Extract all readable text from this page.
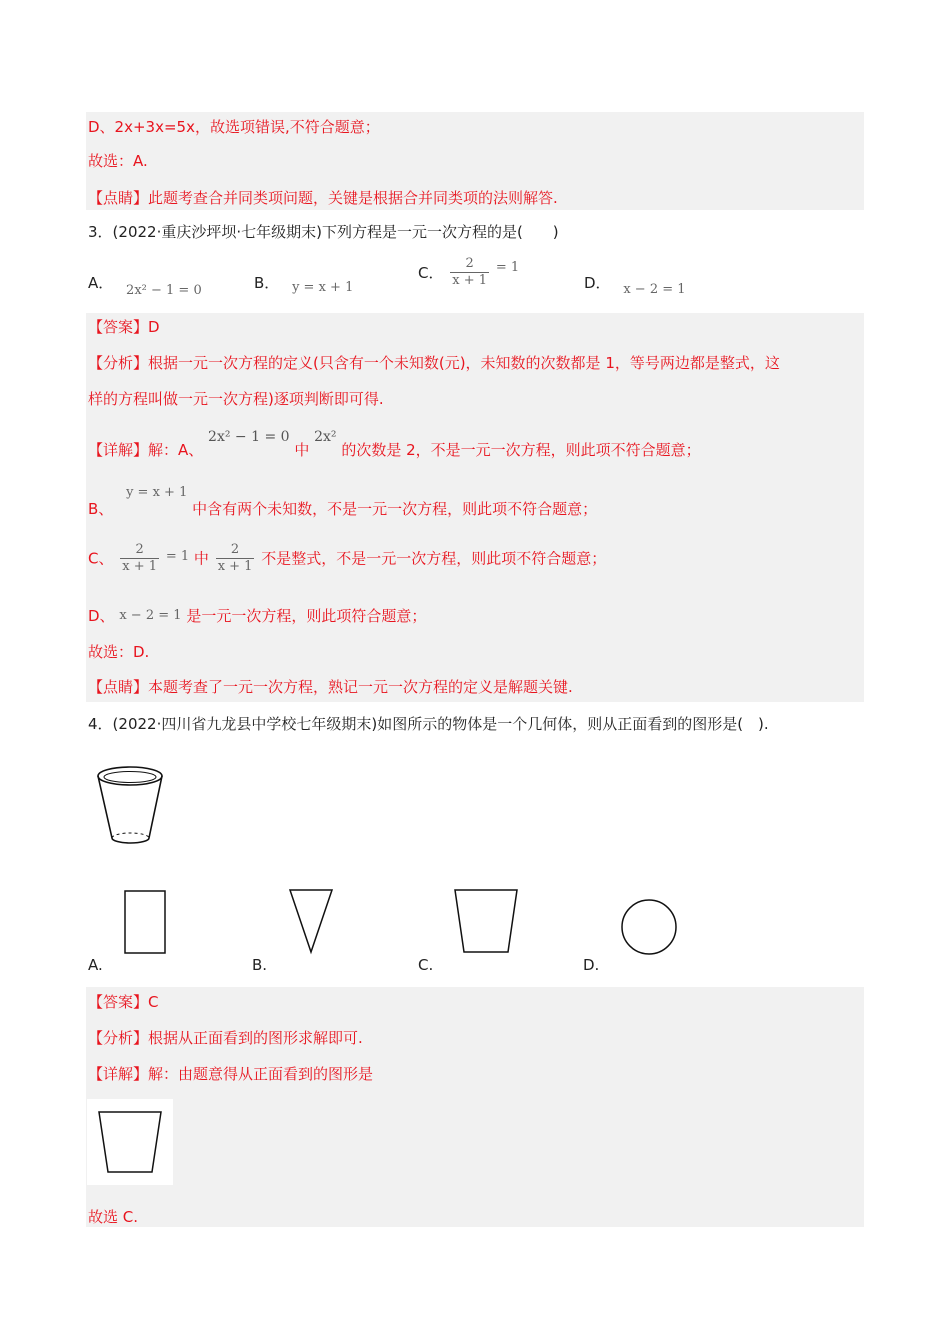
D、2x+3x=5x，故选项错误,不符合题意；
故选：A.
【点睛】此题考查合并同类项问题，关键是根据合并同类项的法则解答.
3．(2022·重庆沙坪坝·七年级期末)下列方程是一元一次方程的是(　　)
A． 2x² − 1 = 0	B． y = x + 1
C． $\frac{2}{x + 1} = 1$
D． x − 2 = 1
【答案】D
【分析】根据一元一次方程的定义(只含有一个未知数(元)，未知数的次数都是 1，等号两边都是整式，这
样的方程叫做一元一次方程)逐项判断即可得.
【详解】解：A、 2x² − 1 = 0 中 2x² 的次数是 2，不是一元一次方程，则此项不符合题意；
B、 y = x + 1 中含有两个未知数，不是一元一次方程，则此项不符合题意；
C、 $\frac{2}{x + 1} = 1$ 中 $\frac{2}{x + 1}$ 不是整式，不是一元一次方程，则此项不符合题意；
D、 x − 2 = 1 是一元一次方程，则此项符合题意；
故选：D.
【点睛】本题考查了一元一次方程，熟记一元一次方程的定义是解题关键.
4．(2022·四川省九龙县中学校七年级期末)如图所示的物体是一个几何体，则从正面看到的图形是(　).
A.	B.	C.	D.
【答案】C
【分析】根据从正面看到的图形求解即可.
【详解】解：由题意得从正面看到的图形是
故选 C.
